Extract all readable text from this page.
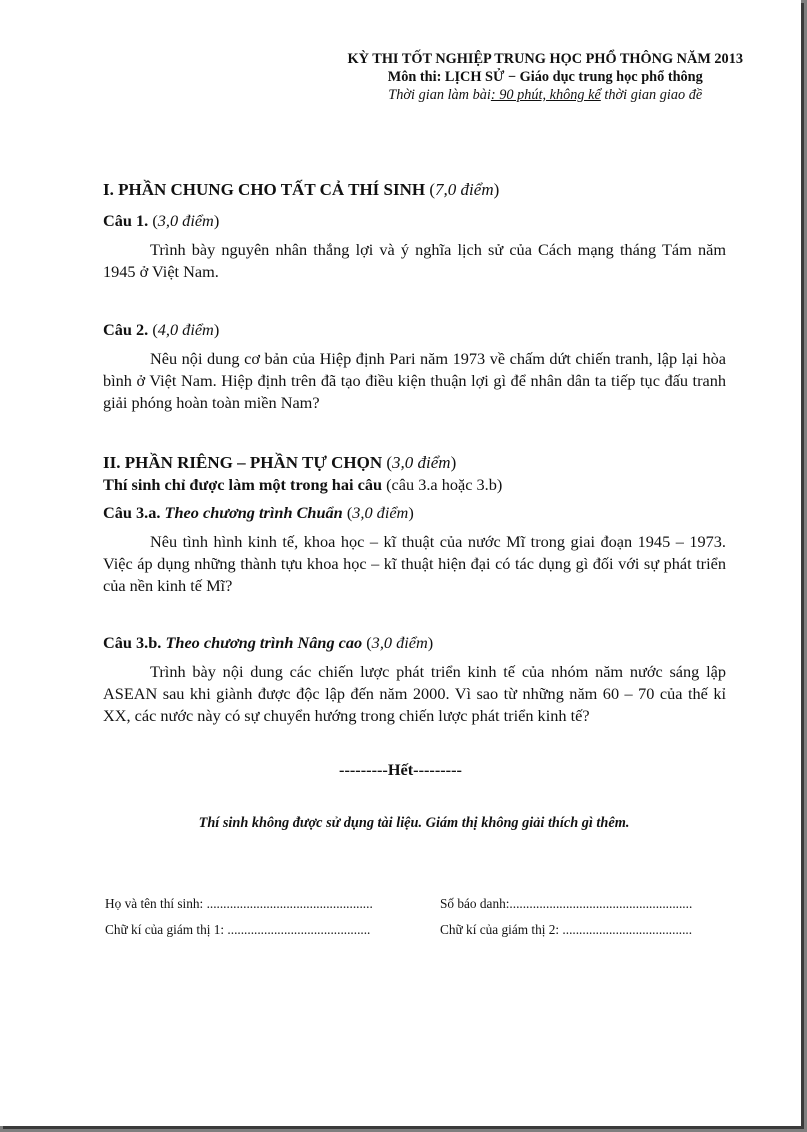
KỲ THI TỐT NGHIỆP TRUNG HỌC PHỔ THÔNG NĂM 2013
Môn thi: LỊCH SỬ − Giáo dục trung học phổ thông
Thời gian làm bài: 90 phút, không kể thời gian giao đề
I. PHẦN CHUNG CHO TẤT CẢ THÍ SINH (7,0 điểm)
Câu 1. (3,0 điểm)
Trình bày nguyên nhân thắng lợi và ý nghĩa lịch sử của Cách mạng tháng Tám năm 1945 ở Việt Nam.
Câu 2. (4,0 điểm)
Nêu nội dung cơ bản của Hiệp định Pari năm 1973 về chấm dứt chiến tranh, lập lại hòa bình ở Việt Nam. Hiệp định trên đã tạo điều kiện thuận lợi gì để nhân dân ta tiếp tục đấu tranh giải phóng hoàn toàn miền Nam?
II. PHẦN RIÊNG – PHẦN TỰ CHỌN (3,0 điểm)
Thí sinh chỉ được làm một trong hai câu (câu 3.a hoặc 3.b)
Câu 3.a. Theo chương trình Chuẩn (3,0 điểm)
Nêu tình hình kinh tế, khoa học – kĩ thuật của nước Mĩ trong giai đoạn 1945 – 1973. Việc áp dụng những thành tựu khoa học – kĩ thuật hiện đại có tác dụng gì đối với sự phát triển của nền kinh tế Mĩ?
Câu 3.b. Theo chương trình Nâng cao (3,0 điểm)
Trình bày nội dung các chiến lược phát triển kinh tế của nhóm năm nước sáng lập ASEAN sau khi giành được độc lập đến năm 2000. Vì sao từ những năm 60 – 70 của thế kỉ XX, các nước này có sự chuyển hướng trong chiến lược phát triển kinh tế?
---------Hết---------
Thí sinh không được sử dụng tài liệu. Giám thị không giải thích gì thêm.
Họ và tên thí sinh: ..................................................	Số báo danh:.......................................................
Chữ kí của giám thị 1: ...........................................	Chữ kí của giám thị 2: .......................................
